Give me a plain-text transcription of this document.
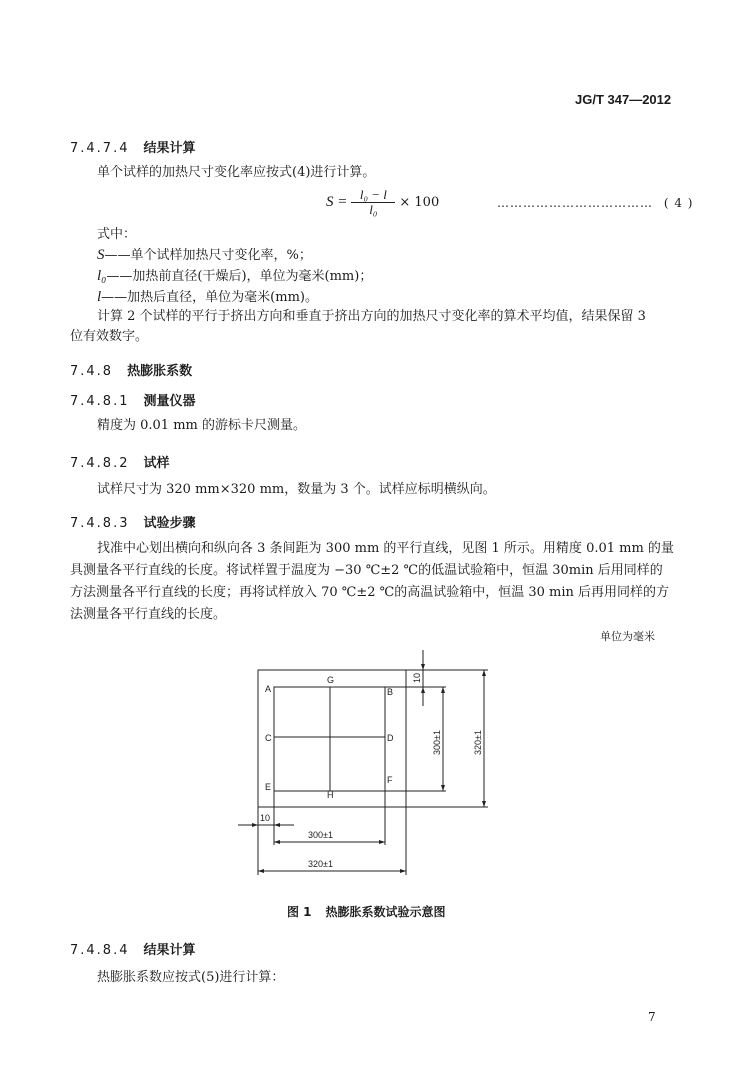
JG/T 347—2012
7.4.7.4 结果计算
单个试样的加热尺寸变化率应按式(4)进行计算。
$S = \frac{\text{l₀ − l}}{\text{l₀}} \times 100$	……………………………… ( 4 )
式中：
S——单个试样加热尺寸变化率，%；
l₀——加热前直径(干燥后)，单位为毫米(mm)；
l——加热后直径，单位为毫米(mm)。
计算 2 个试样的平行于挤出方向和垂直于挤出方向的加热尺寸变化率的算术平均值，结果保留 3
位有效数字。
7.4.8 热膨胀系数
7.4.8.1 测量仪器
精度为 0.01 mm 的游标卡尺测量。
7.4.8.2 试样
试样尺寸为 320 mm×320 mm，数量为 3 个。试样应标明横纵向。
7.4.8.3 试验步骤
找准中心划出横向和纵向各 3 条间距为 300 mm 的平行直线，见图 1 所示。用精度 0.01 mm 的量
具测量各平行直线的长度。将试样置于温度为 −30 ℃±2 ℃的低温试验箱中，恒温 30min 后用同样的
方法测量各平行直线的长度；再将试样放入 70 ℃±2 ℃的高温试验箱中，恒温 30 min 后再用同样的方
法测量各平行直线的长度。
单位为毫米
A
G
B
C	D
E
F
H
10
300±1	320±1
10
300±1
320±1
图 1 热膨胀系数试验示意图
7.4.8.4 结果计算
热膨胀系数应按式(5)进行计算：
7
